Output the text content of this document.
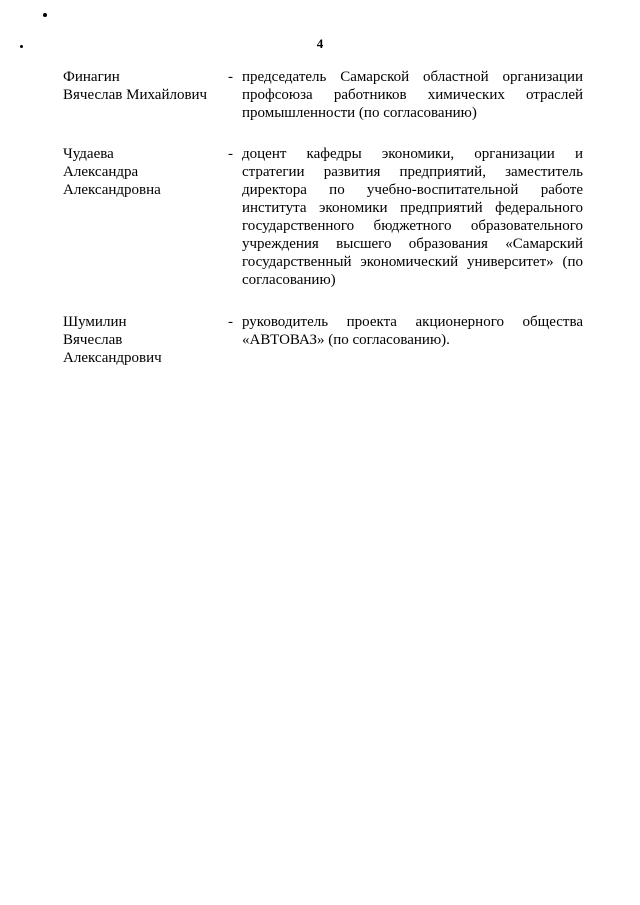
4
Финагин
Вячеслав Михайлович
- председатель Самарской областной организации профсоюза работников химических отраслей промышленности (по согласованию)
Чудаева
Александра
Александровна
- доцент кафедры экономики, организации и стратегии развития предприятий, заместитель директора по учебно-воспитательной работе института экономики предприятий федерального государственного бюджетного образовательного учреждения высшего образования «Самарский государственный экономический университет» (по согласованию)
Шумилин
Вячеслав
Александрович
- руководитель проекта акционерного общества «АВТОВАЗ» (по согласованию).
